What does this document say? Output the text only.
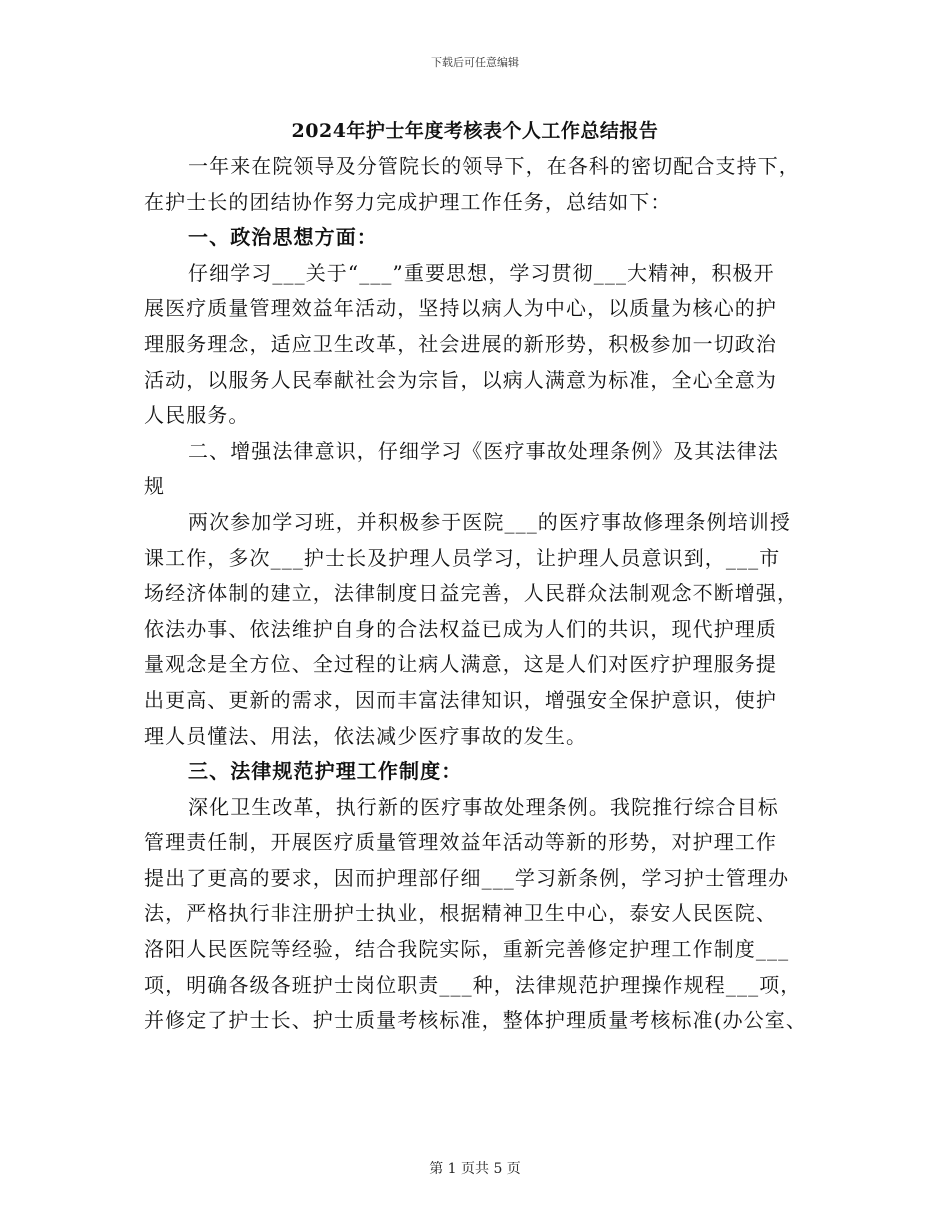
下载后可任意编辑
2024年护士年度考核表个人工作总结报告
一年来在院领导及分管院长的领导下，在各科的密切配合支持下，
在护士长的团结协作努力完成护理工作任务，总结如下：
一、政治思想方面：
仔细学习___关于“___”重要思想，学习贯彻___大精神，积极开
展医疗质量管理效益年活动，坚持以病人为中心，以质量为核心的护
理服务理念，适应卫生改革，社会进展的新形势，积极参加一切政治
活动，以服务人民奉献社会为宗旨，以病人满意为标准，全心全意为
人民服务。
二、增强法律意识，仔细学习《医疗事故处理条例》及其法律法
规
两次参加学习班，并积极参于医院___的医疗事故修理条例培训授
课工作，多次___护士长及护理人员学习，让护理人员意识到，___市
场经济体制的建立，法律制度日益完善，人民群众法制观念不断增强，
依法办事、依法维护自身的合法权益已成为人们的共识，现代护理质
量观念是全方位、全过程的让病人满意，这是人们对医疗护理服务提
出更高、更新的需求，因而丰富法律知识，增强安全保护意识，使护
理人员懂法、用法，依法减少医疗事故的发生。
三、法律规范护理工作制度：
深化卫生改革，执行新的医疗事故处理条例。我院推行综合目标
管理责任制，开展医疗质量管理效益年活动等新的形势，对护理工作
提出了更高的要求，因而护理部仔细___学习新条例，学习护士管理办
法，严格执行非注册护士执业，根据精神卫生中心，泰安人民医院、
洛阳人民医院等经验，结合我院实际，重新完善修定护理工作制度___
项，明确各级各班护士岗位职责___种，法律规范护理操作规程___项，
并修定了护士长、护士质量考核标准，整体护理质量考核标准(办公室、
第 1 页共 5 页
